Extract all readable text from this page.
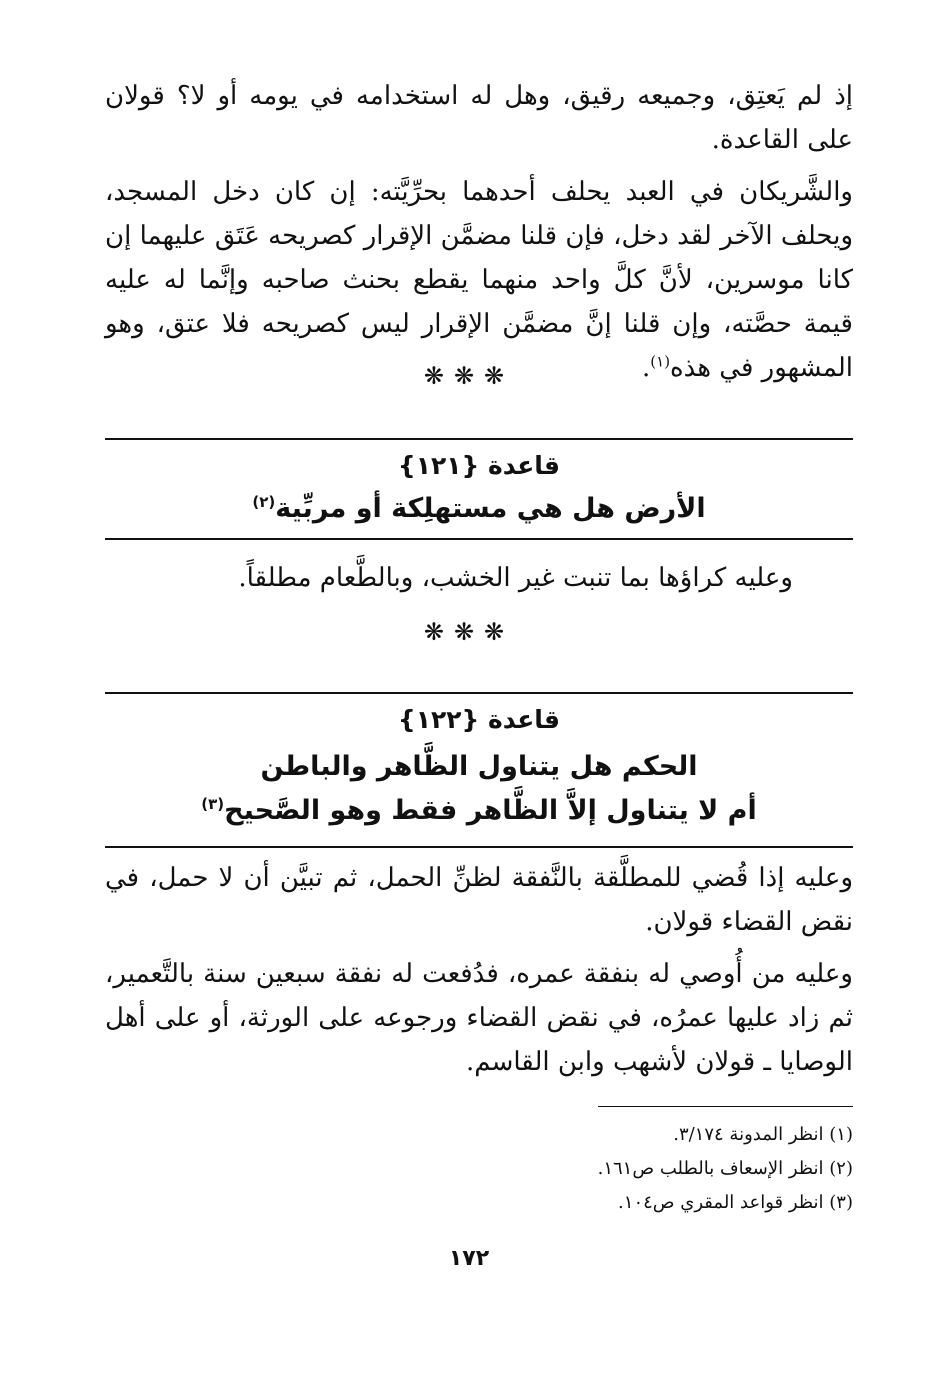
إذ لم يَعتِق، وجميعه رقيق، وهل له استخدامه في يومه أو لا؟ قولان على القاعدة.

والشَّريكان في العبد يحلف أحدهما بحرِّيَّته: إن كان دخل المسجد، ويحلف الآخر لقد دخل، فإن قلنا مضمَّن الإقرار كصريحه عَتَق عليهما إن كانا موسرين، لأنَّ كلَّ واحد منهما يقطع بحنث صاحبه وإنَّما له عليه قيمة حصَّته، وإن قلنا إنَّ مضمَّن الإقرار ليس كصريحه فلا عتق، وهو المشهور في هذه$^{(١)}$.

❋❋❋

قاعدة {١٢١}

الأرض هل هي مستهلِكة أو مربِّية$^{(٢)}$

وعليه كراؤها بما تنبت غير الخشب، وبالطَّعام مطلقاً.

❋❋❋

قاعدة {١٢٢}

الحكم هل يتناول الظَّاهر والباطن

أم لا يتناول إلاَّ الظَّاهر فقط وهو الصَّحيح$^{(٣)}$

وعليه إذا قُضي للمطلَّقة بالنَّفقة لظنِّ الحمل، ثم تبيَّن أن لا حمل، في نقض القضاء قولان.

وعليه من أُوصي له بنفقة عمره، فدُفعت له نفقة سبعين سنة بالتَّعمير، ثم زاد عليها عمرُه، في نقض القضاء ورجوعه على الورثة، أو على أهل الوصايا ـ قولان لأشهب وابن القاسم.

(١) انظر المدونة ٣/١٧٤.

(٢) انظر الإسعاف بالطلب ص١٦١.

(٣) انظر قواعد المقري ص١٠٤.

١٧٢
